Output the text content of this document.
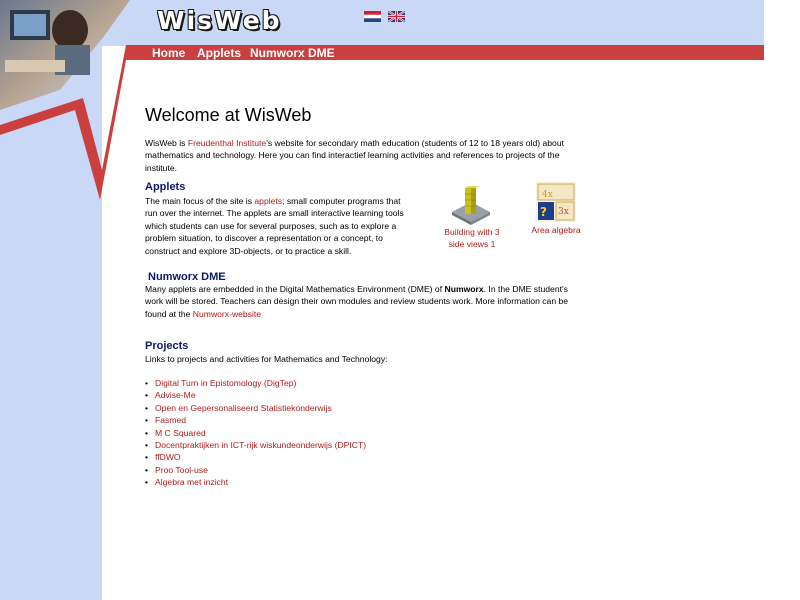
WisWeb
Home Applets Numworx DME
Welcome at WisWeb
WisWeb is Freudenthal Institute's website for secondary math education (students of 12 to 18 years old) about mathematics and technology. Here you can find interactief learning activities and references to projects of the institute.
Applets
The main focus of the site is applets; small computer programs that run over the internet. The applets are small interactive learning tools which students can use for several purposes, such as to explore a problem situation, to discover a representation or a concept, to construct and explore 3D-objects, or to practice a skill.
Building with 3 side views 1
4x
? 3x
Area algebra
Numworx DME
Many applets are embedded in the Digital Mathematics Environment (DME) of Numworx. In the DME student's work will be stored. Teachers can design their own modules and review students work. More information can be found at the Numworx-website
Projects
Links to projects and activities for Mathematics and Technology:
• Digital Turn in Epistomology (DigTep)
• Advise-Me
• Open en Gepersonaliseerd Statistiekonderwijs
• Fasmed
• M C Squared
• Docentpraktijken in ICT-rijk wiskundeonderwijs (DPICT)
• ffDWO
• Proo Tool-use
• Algebra met inzicht
